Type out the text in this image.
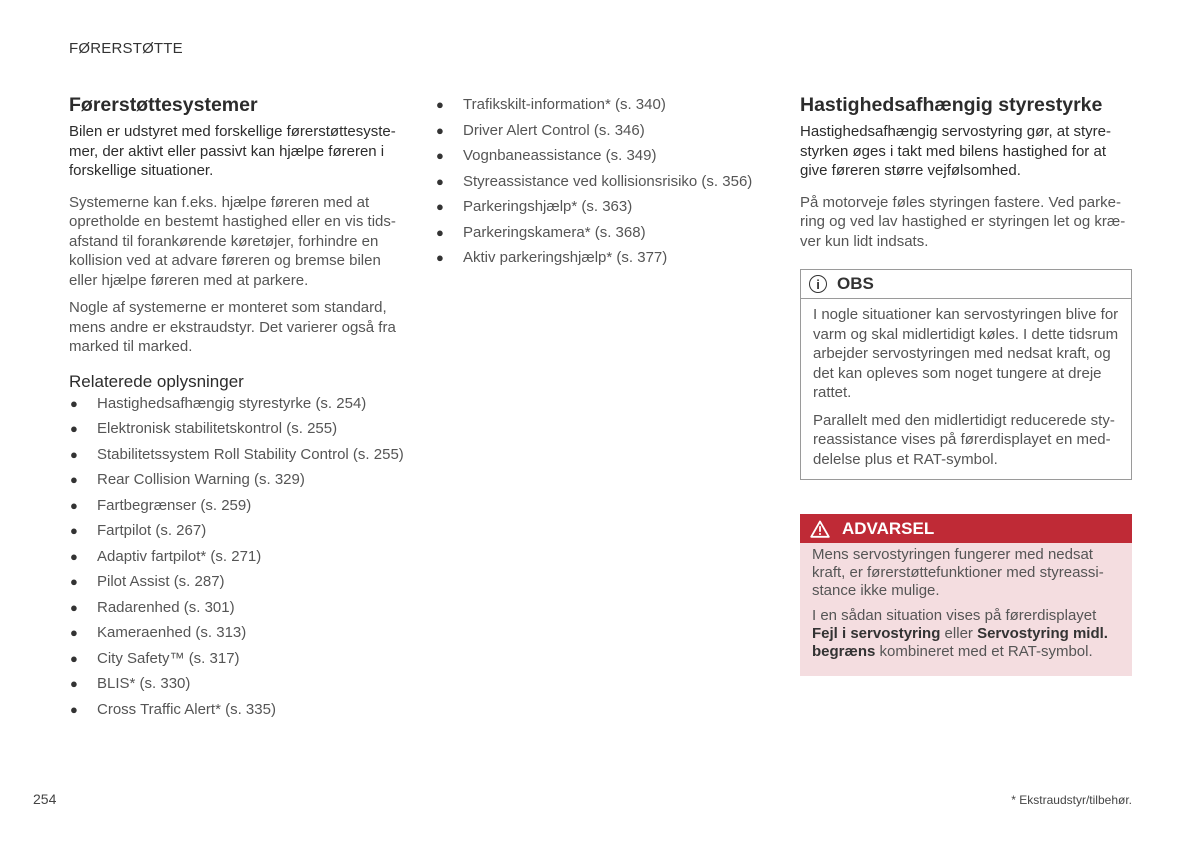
FØRERSTØTTE
Førerstøttesystemer

Bilen er udstyret med forskellige førerstøttesystemer, der aktivt eller passivt kan hjælpe føreren i forskellige situationer.

Systemerne kan f.eks. hjælpe føreren med at opretholde en bestemt hastighed eller en vis tidsafstand til forankørende køretøjer, forhindre en kollision ved at advare føreren og bremse bilen eller hjælpe føreren med at parkere.

Nogle af systemerne er monteret som standard, mens andre er ekstraudstyr. Det varierer også fra marked til marked.

Relaterede oplysninger
● Hastighedsafhængig styrestyrke (s. 254)
● Elektronisk stabilitetskontrol (s. 255)
● Stabilitetssystem Roll Stability Control (s. 255)
● Rear Collision Warning (s. 329)
● Fartbegrænser (s. 259)
● Fartpilot (s. 267)
● Adaptiv fartpilot* (s. 271)
● Pilot Assist (s. 287)
● Radarenhed (s. 301)
● Kameraenhed (s. 313)
● City Safety™ (s. 317)
● BLIS* (s. 330)
● Cross Traffic Alert* (s. 335)
● Trafikskilt-information* (s. 340)
● Driver Alert Control (s. 346)
● Vognbaneassistance (s. 349)
● Styreassistance ved kollisionsrisiko (s. 356)
● Parkeringshjælp* (s. 363)
● Parkeringskamera* (s. 368)
● Aktiv parkeringshjælp* (s. 377)
Hastighedsafhængig styrestyrke

Hastighedsafhængig servostyring gør, at styrestyrken øges i takt med bilens hastighed for at give føreren større vejfølsomhed.

På motorveje føles styringen fastere. Ved parkering og ved lav hastighed er styringen let og kræver kun lidt indsats.

i	OBS

I nogle situationer kan servostyringen blive for varm og skal midlertidigt køles. I dette tidsrum arbejder servostyringen med nedsat kraft, og det kan opleves som noget tungere at dreje rattet.

Parallelt med den midlertidigt reducerede styreassistance vises på førerdisplayet en meddelelse plus et RAT-symbol.

ADVARSEL

Mens servostyringen fungerer med nedsat kraft, er førerstøttefunktioner med styreassistance ikke mulige.

I en sådan situation vises på førerdisplayet Fejl i servostyring eller Servostyring midl. begræns kombineret med et RAT-symbol.

254	* Ekstraudstyr/tilbehør.
